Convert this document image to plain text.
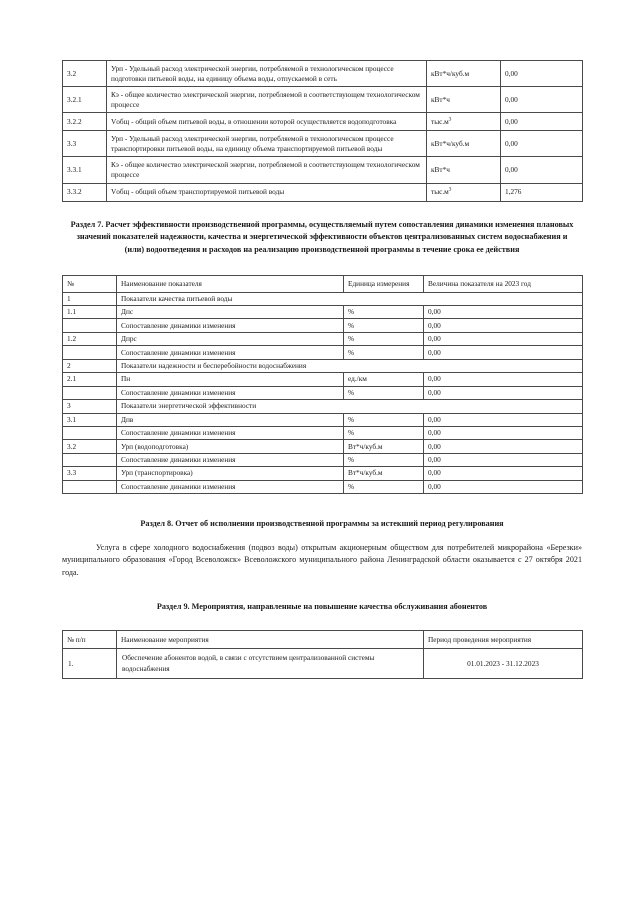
3.2	Урп - Удельный расход электрической энергии, потребляемой в технологическом процессе подготовки питьевой воды, на единицу объема воды, отпускаемой в сеть	кВт*ч/куб.м	0,00
3.2.1	Кэ - общее количество электрической энергии, потребляемой в соответствующем технологическом процессе	кВт*ч	0,00
3.2.2	Vобщ - общий объем питьевой воды, в отношении которой осуществляется водоподготовка	$тыс.м^3$	0,00
3.3	Урп - Удельный расход электрической энергии, потребляемой в технологическом процессе транспортировки питьевой воды, на единицу объема транспортируемой питьевой воды	кВт*ч/куб.м	0,00
3.3.1	Кэ - общее количество электрической энергии, потребляемой в соответствующем технологическом процессе	кВт*ч	0,00
3.3.2	Vобщ - общий объем транспортируемой питьевой воды	$тыс.м^3$	1,276

Раздел 7. Расчет эффективности производственной программы, осуществляемый путем сопоставления динамики изменения плановых значений показателей надежности, качества и энергетической эффективности объектов централизованных систем водоснабжения и (или) водоотведения и расходов на реализацию производственной программы в течение срока ее действия

№	Наименование показателя	Единица измерения	Величина показателя на 2023 год
1	Показатели качества питьевой воды		
1.1	Дпс	%	0,00
	Сопоставление динамики изменения	%	0,00
1.2	Дпрс	%	0,00
	Сопоставление динамики изменения	%	0,00
2	Показатели надежности и бесперебойности водоснабжения		
2.1	Пн	ед./км	0,00
	Сопоставление динамики изменения	%	0,00
3	Показатели энергетической эффективности		
3.1	Дпв	%	0,00
	Сопоставление динамики изменения	%	0,00
3.2	Урп (водоподготовка)	Вт*ч/куб.м	0,00
	Сопоставление динамики изменения	%	0,00
3.3	Урп (транспортировка)	Вт*ч/куб.м	0,00
	Сопоставление динамики изменения	%	0,00

Раздел 8. Отчет об исполнении производственной программы за истекший период регулирования

Услуга в сфере холодного водоснабжения (подвоз воды) открытым акционерным обществом для потребителей микрорайона «Березки» муниципального образования «Город Всеволожск» Всеволожского муниципального района Ленинградской области оказывается с 27 октября 2021 года.

Раздел 9. Мероприятия, направленные на повышение качества обслуживания абонентов

№ п/п	Наименование мероприятия	Период проведения мероприятия
1.	Обеспечение абонентов водой, в связи с отсутствием централизованной системы водоснабжения	01.01.2023 - 31.12.2023
